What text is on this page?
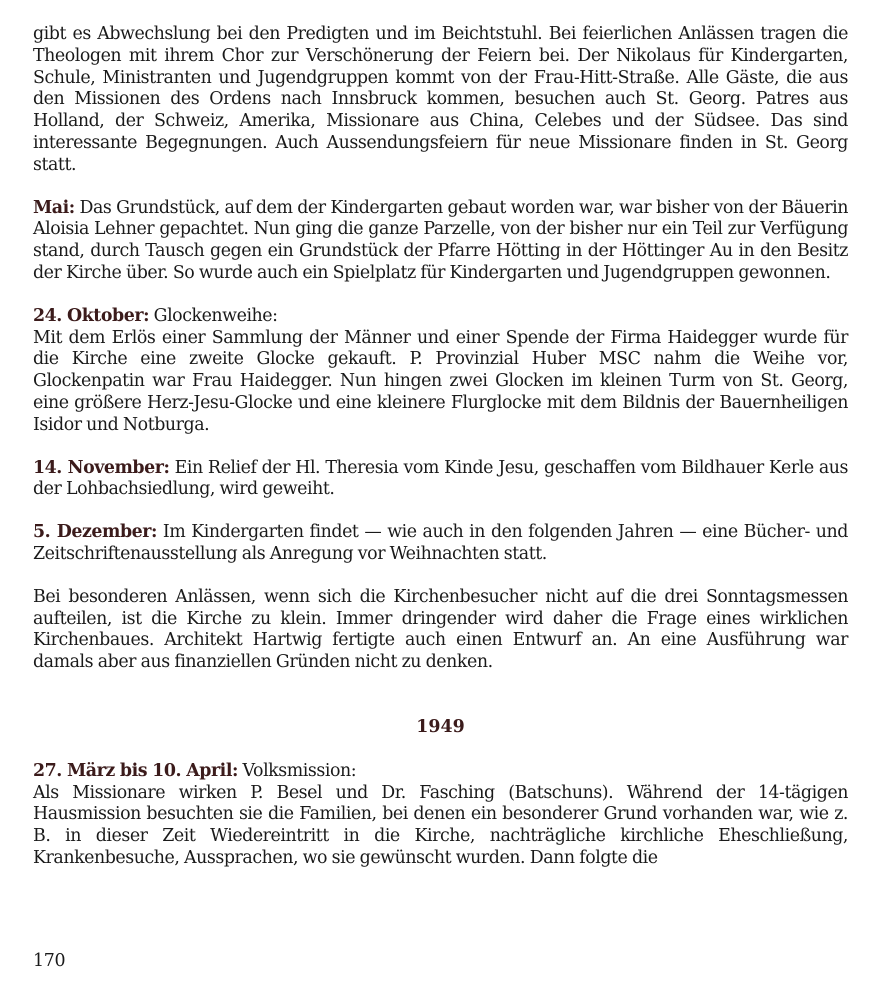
gibt es Abwechslung bei den Predigten und im Beichtstuhl. Bei feierlichen Anlässen tragen die Theologen mit ihrem Chor zur Verschönerung der Feiern bei. Der Nikolaus für Kindergarten, Schule, Ministranten und Jugendgruppen kommt von der Frau-Hitt-Straße. Alle Gäste, die aus den Missionen des Ordens nach Innsbruck kommen, besuchen auch St. Georg. Patres aus Holland, der Schweiz, Amerika, Missionare aus China, Celebes und der Südsee. Das sind interessante Begegnungen. Auch Aussendungsfeiern für neue Missionare finden in St. Georg statt.

Mai: Das Grundstück, auf dem der Kindergarten gebaut worden war, war bisher von der Bäuerin Aloisia Lehner gepachtet. Nun ging die ganze Parzelle, von der bisher nur ein Teil zur Verfügung stand, durch Tausch gegen ein Grundstück der Pfarre Hötting in der Höttinger Au in den Besitz der Kirche über. So wurde auch ein Spielplatz für Kindergarten und Jugendgruppen gewonnen.

24. Oktober: Glockenweihe:
Mit dem Erlös einer Sammlung der Männer und einer Spende der Firma Haidegger wurde für die Kirche eine zweite Glocke gekauft. P. Provinzial Huber MSC nahm die Weihe vor, Glockenpatin war Frau Haidegger. Nun hingen zwei Glocken im kleinen Turm von St. Georg, eine größere Herz-Jesu-Glocke und eine kleinere Flurglocke mit dem Bildnis der Bauernheiligen Isidor und Notburga.

14. November: Ein Relief der Hl. Theresia vom Kinde Jesu, geschaffen vom Bildhauer Kerle aus der Lohbachsiedlung, wird geweiht.

5. Dezember: Im Kindergarten findet — wie auch in den folgenden Jahren — eine Bücher- und Zeitschriftenausstellung als Anregung vor Weihnachten statt.

Bei besonderen Anlässen, wenn sich die Kirchenbesucher nicht auf die drei Sonntagsmessen aufteilen, ist die Kirche zu klein. Immer dringender wird daher die Frage eines wirklichen Kirchenbaues. Architekt Hartwig fertigte auch einen Entwurf an. An eine Ausführung war damals aber aus finanziellen Gründen nicht zu denken.

1949

27. März bis 10. April: Volksmission:
Als Missionare wirken P. Besel und Dr. Fasching (Batschuns). Während der 14-tägigen Hausmission besuchten sie die Familien, bei denen ein besonderer Grund vorhanden war, wie z. B. in dieser Zeit Wiedereintritt in die Kirche, nachträgliche kirchliche Eheschließung, Krankenbesuche, Aussprachen, wo sie gewünscht wurden. Dann folgte die

170
